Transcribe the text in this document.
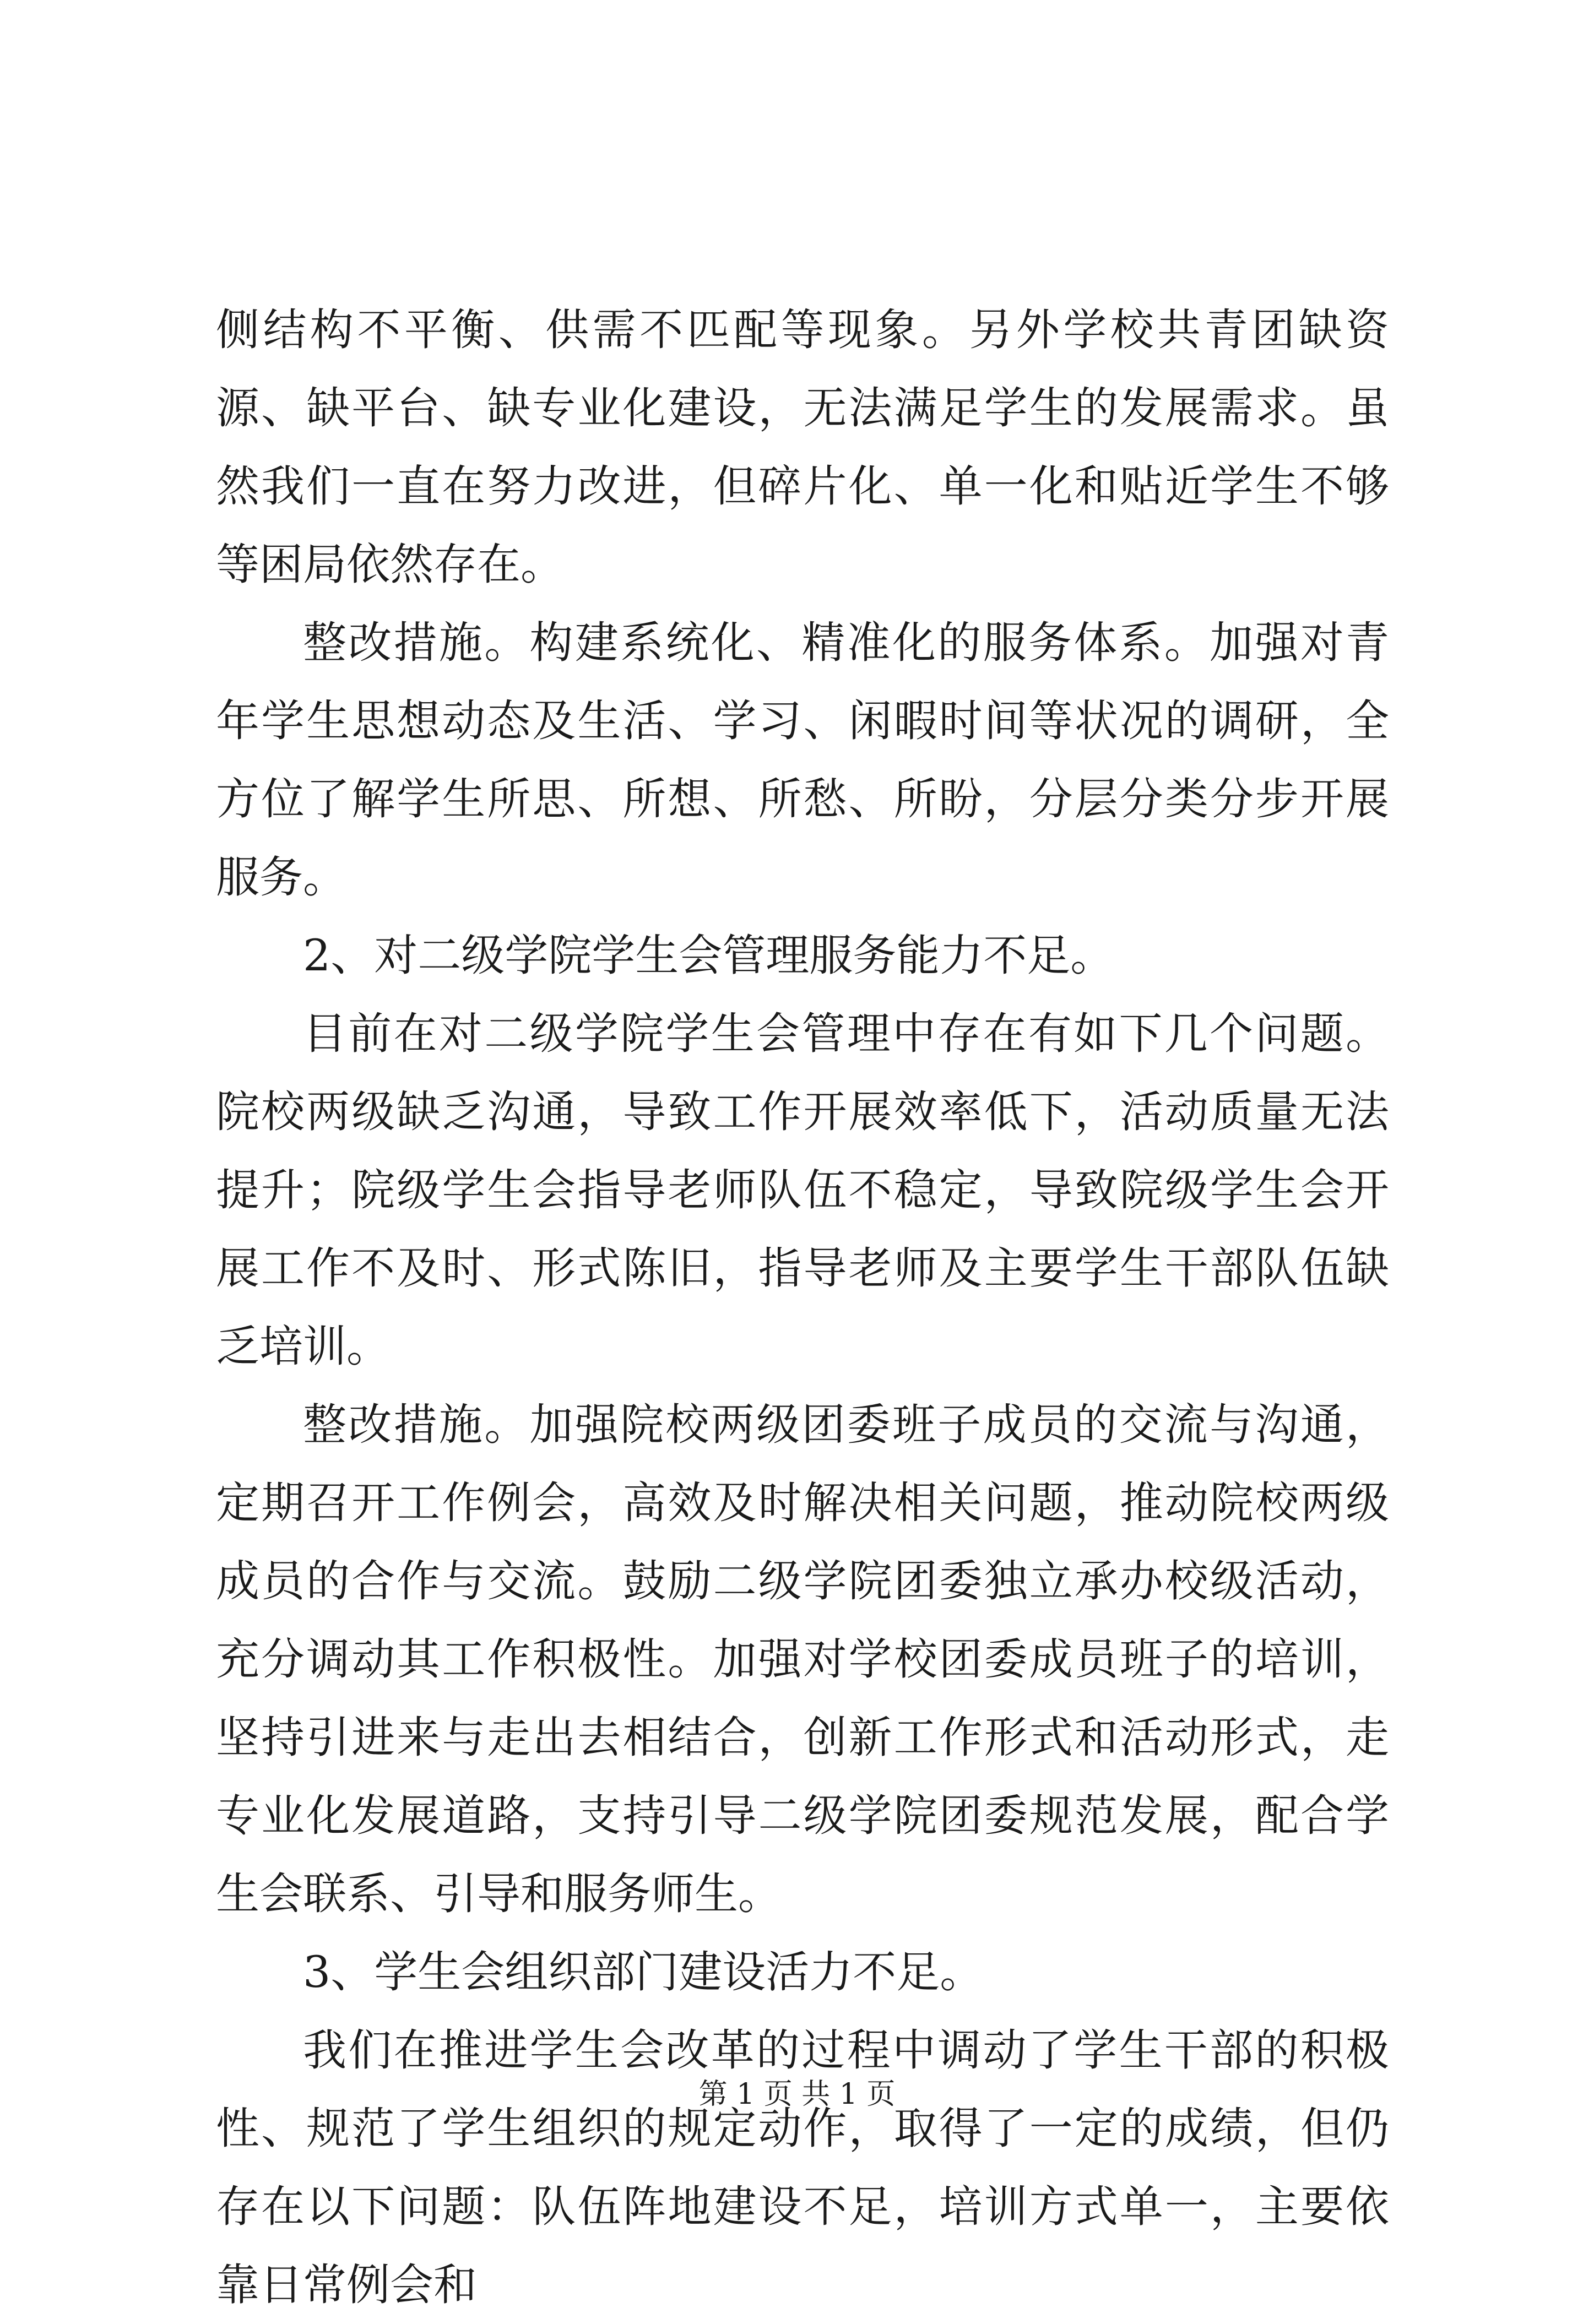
侧结构不平衡、供需不匹配等现象。另外学校共青团缺资源、缺平台、缺专业化建设，无法满足学生的发展需求。虽然我们一直在努力改进，但碎片化、单一化和贴近学生不够等困局依然存在。

整改措施。构建系统化、精准化的服务体系。加强对青年学生思想动态及生活、学习、闲暇时间等状况的调研，全方位了解学生所思、所想、所愁、所盼，分层分类分步开展服务。

2、对二级学院学生会管理服务能力不足。

目前在对二级学院学生会管理中存在有如下几个问题。院校两级缺乏沟通，导致工作开展效率低下，活动质量无法提升；院级学生会指导老师队伍不稳定，导致院级学生会开展工作不及时、形式陈旧，指导老师及主要学生干部队伍缺乏培训。

整改措施。加强院校两级团委班子成员的交流与沟通，定期召开工作例会，高效及时解决相关问题，推动院校两级成员的合作与交流。鼓励二级学院团委独立承办校级活动，充分调动其工作积极性。加强对学校团委成员班子的培训，坚持引进来与走出去相结合，创新工作形式和活动形式，走专业化发展道路，支持引导二级学院团委规范发展，配合学生会联系、引导和服务师生。

3、学生会组织部门建设活力不足。

我们在推进学生会改革的过程中调动了学生干部的积极性、规范了学生组织的规定动作，取得了一定的成绩，但仍存在以下问题：队伍阵地建设不足，培训方式单一，主要依靠日常例会和

第 1 页 共 1 页
